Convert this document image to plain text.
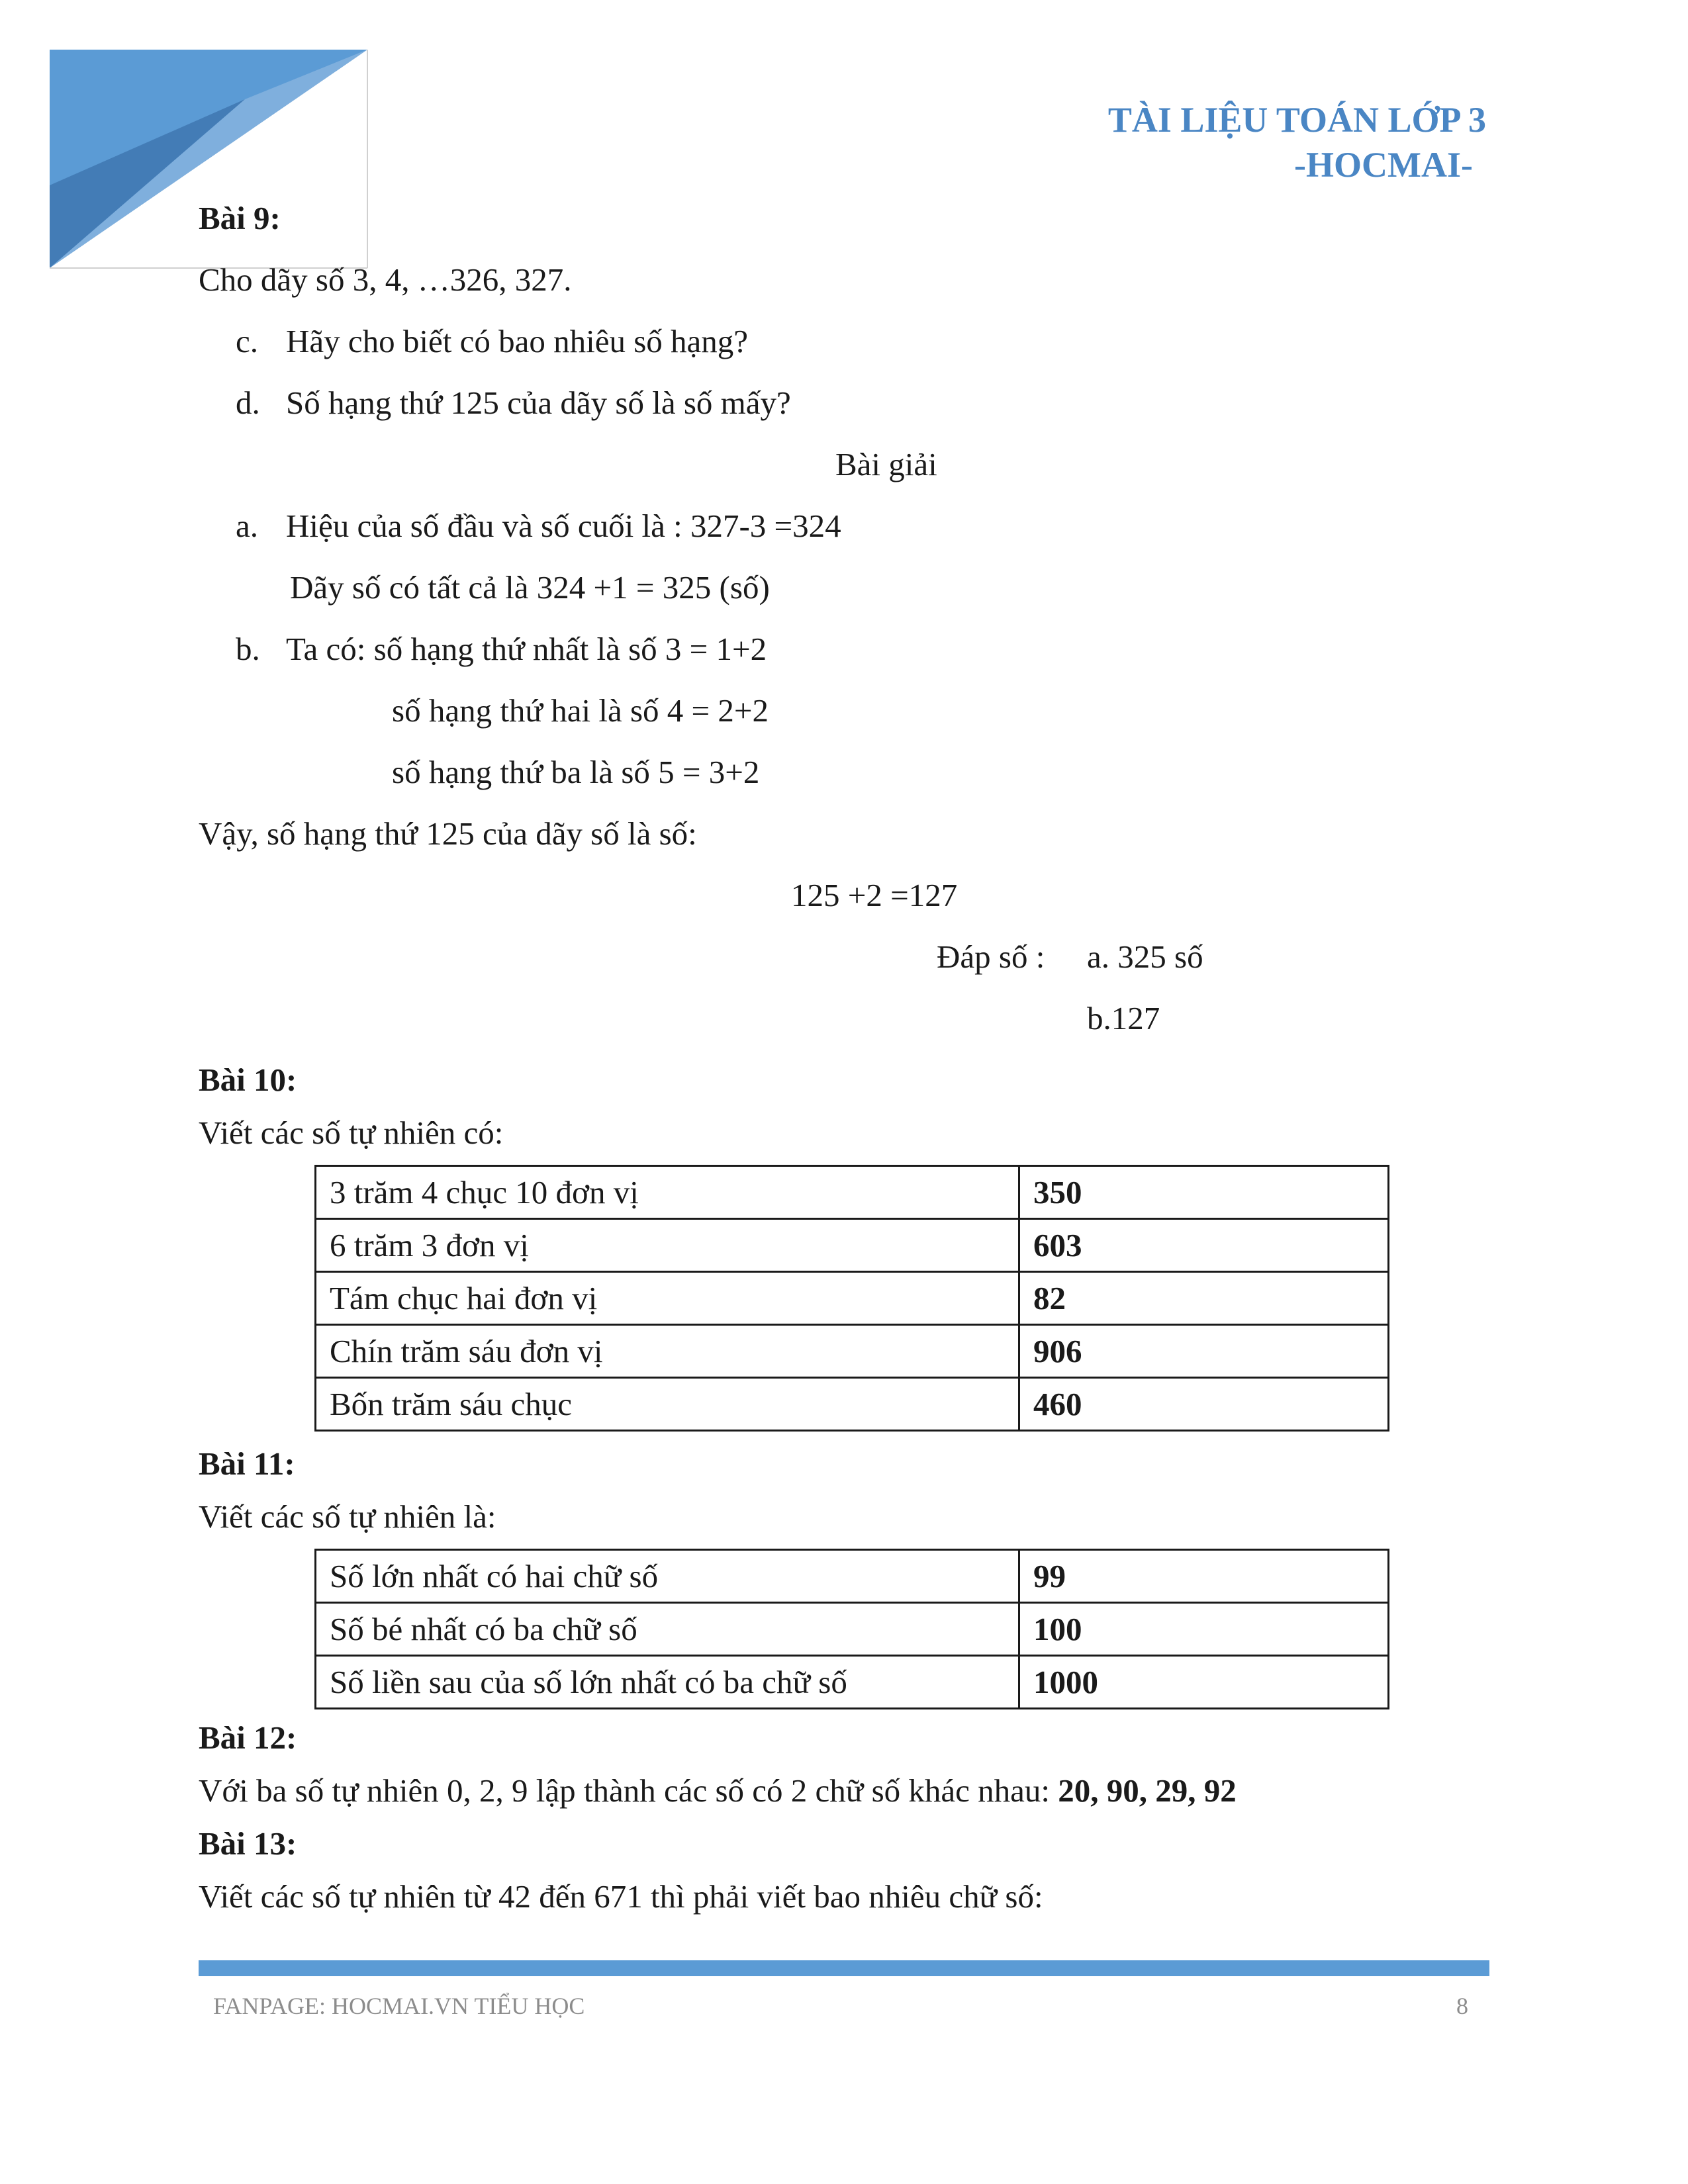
TÀI LIỆU TOÁN LỚP 3
-HOCMAI-
Bài 9:
Cho dãy số 3, 4, …326, 327.
c. Hãy cho biết có bao nhiêu số hạng?
d. Số hạng thứ 125 của dãy số là số mấy?
Bài giải
a. Hiệu của số đầu và số cuối là : 327-3 =324
Dãy số có tất cả là 324 +1 = 325 (số)
b. Ta có: số hạng thứ nhất là số 3 = 1+2
số hạng thứ hai là số 4 = 2+2
số hạng thứ ba là số 5 = 3+2
Vậy, số hạng thứ 125 của dãy số là số:
125 +2 =127
Đáp số : a. 325 số
b.127
Bài 10:
Viết các số tự nhiên có:
3 trăm 4 chục 10 đơn vị	350
6 trăm 3 đơn vị	603
Tám chục hai đơn vị	82
Chín trăm sáu đơn vị	906
Bốn trăm sáu chục	460
Bài 11:
Viết các số tự nhiên là:
Số lớn nhất có hai chữ số	99
Số bé nhất có ba chữ số	100
Số liền sau của số lớn nhất có ba chữ số	1000
Bài 12:
Với ba số tự nhiên 0, 2, 9 lập thành các số có 2 chữ số khác nhau: 20, 90, 29, 92
Bài 13:
Viết các số tự nhiên từ 42 đến 671 thì phải viết bao nhiêu chữ số:
FANPAGE: HOCMAI.VN TIỂU HỌC	8
